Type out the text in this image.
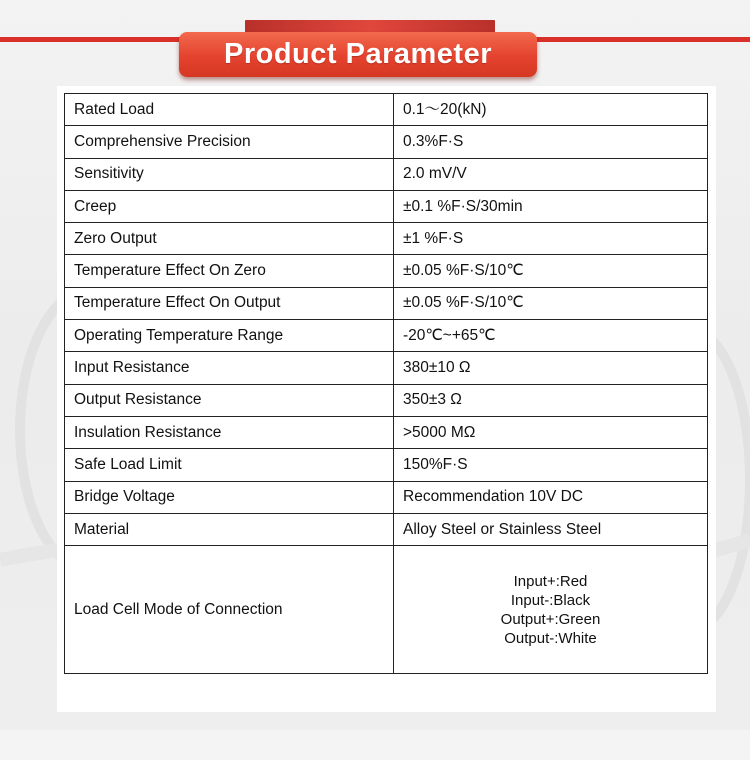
Product Parameter
Rated Load	0.1～20(kN)
Comprehensive Precision	0.3%F·S
Sensitivity	2.0 mV/V
Creep	±0.1 %F·S/30min
Zero Output	±1 %F·S
Temperature Effect On Zero	±0.05 %F·S/10℃
Temperature Effect On Output	±0.05 %F·S/10℃
Operating Temperature Range	-20℃~+65℃
Input Resistance	380±10 Ω
Output Resistance	350±3 Ω
Insulation Resistance	>5000 MΩ
Safe Load Limit	150%F·S
Bridge Voltage	Recommendation 10V DC
Material	Alloy Steel or Stainless Steel
Load Cell Mode of Connection	Input+:Red
Input-:Black
Output+:Green
Output-:White
